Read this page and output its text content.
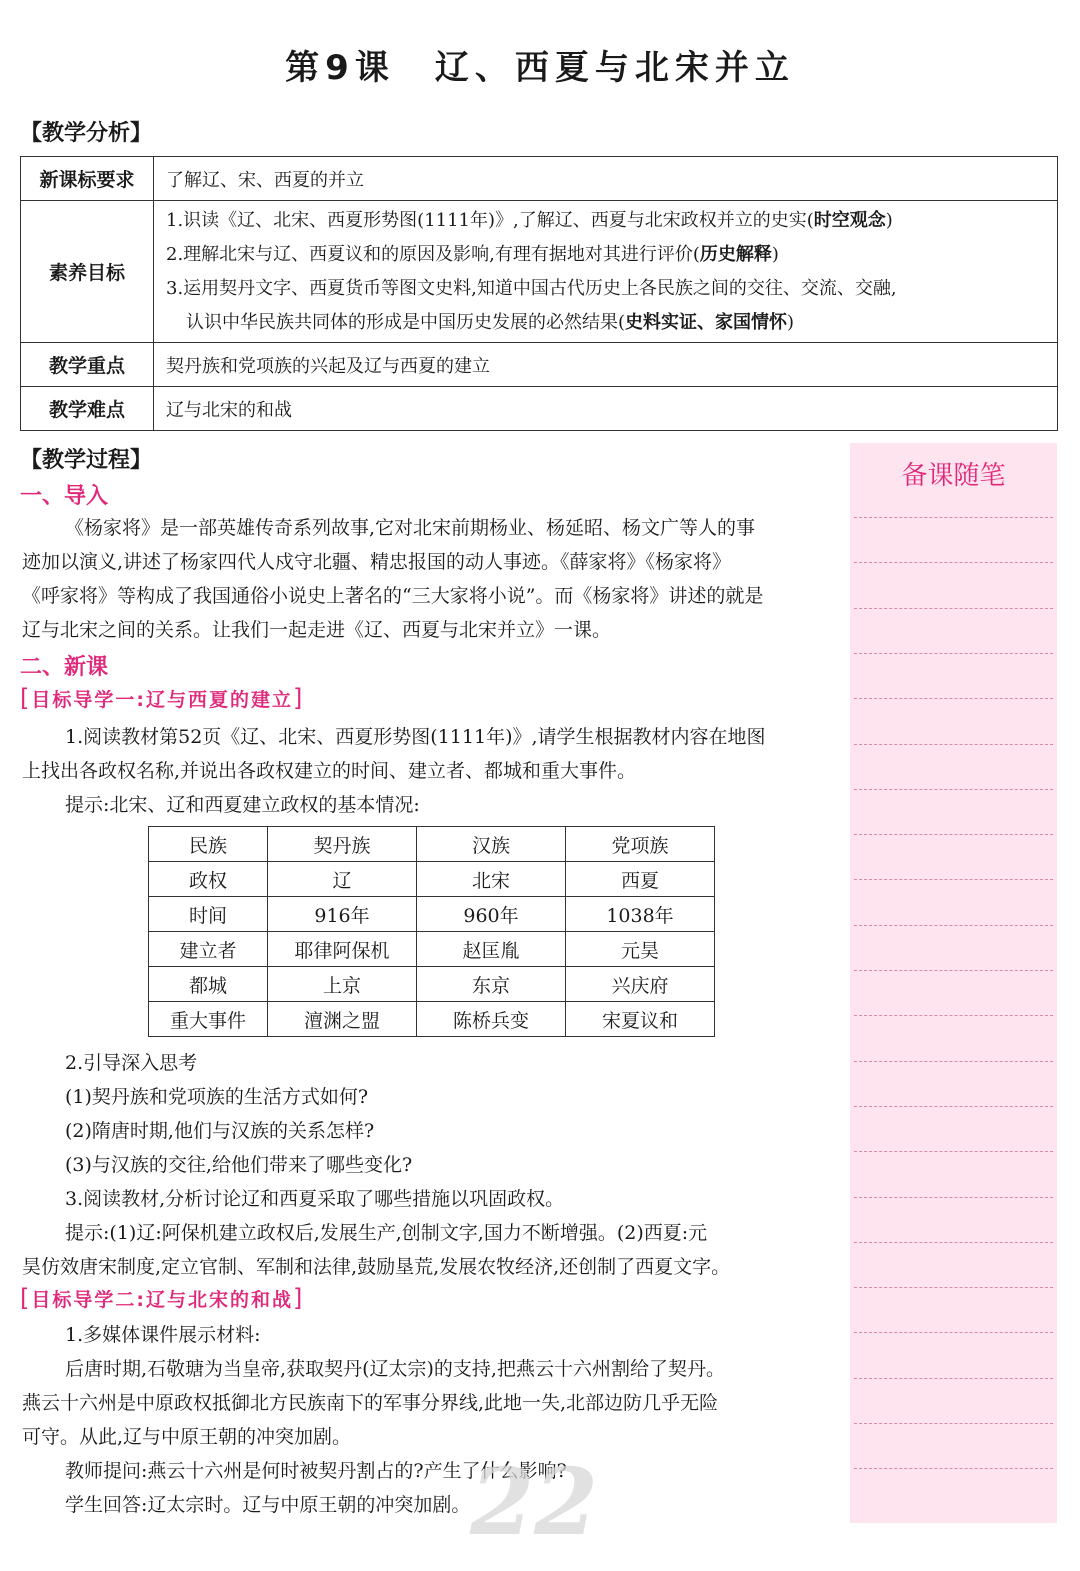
第9课 辽、西夏与北宋并立
【教学分析】
新课标要求	了解辽、宋、西夏的并立
素养目标	1.识读《辽、北宋、西夏形势图(1111年)》,了解辽、西夏与北宋政权并立的史实(时空观念)
2.理解北宋与辽、西夏议和的原因及影响,有理有据地对其进行评价(历史解释)
3.运用契丹文字、西夏货币等图文史料,知道中国古代历史上各民族之间的交往、交流、交融,
认识中华民族共同体的形成是中国历史发展的必然结果(史料实证、家国情怀)

教学重点	契丹族和党项族的兴起及辽与西夏的建立
教学难点	辽与北宋的和战
备课随笔
【教学过程】
一、导入

《杨家将》是一部英雄传奇系列故事,它对北宋前期杨业、杨延昭、杨文广等人的事

迹加以演义,讲述了杨家四代人戍守北疆、精忠报国的动人事迹。《薛家将》《杨家将》

《呼家将》等构成了我国通俗小说史上著名的“三大家将小说”。而《杨家将》讲述的就是

辽与北宋之间的关系。让我们一起走进《辽、西夏与北宋并立》一课。

二、新课
[目标导学一:辽与西夏的建立]

1.阅读教材第52页《辽、北宋、西夏形势图(1111年)》,请学生根据教材内容在地图

上找出各政权名称,并说出各政权建立的时间、建立者、都城和重大事件。

提示:北宋、辽和西夏建立政权的基本情况:

民族	契丹族	汉族	党项族
政权	辽	北宋	西夏
时间	916年	960年	1038年
建立者	耶律阿保机	赵匡胤	元昊
都城	上京	东京	兴庆府
重大事件	澶渊之盟	陈桥兵变	宋夏议和

2.引导深入思考

(1)契丹族和党项族的生活方式如何?

(2)隋唐时期,他们与汉族的关系怎样?

(3)与汉族的交往,给他们带来了哪些变化?

3.阅读教材,分析讨论辽和西夏采取了哪些措施以巩固政权。

提示:(1)辽:阿保机建立政权后,发展生产,创制文字,国力不断增强。(2)西夏:元

昊仿效唐宋制度,定立官制、军制和法律,鼓励垦荒,发展农牧经济,还创制了西夏文字。

[目标导学二:辽与北宋的和战]

1.多媒体课件展示材料:

后唐时期,石敬瑭为当皇帝,获取契丹(辽太宗)的支持,把燕云十六州割给了契丹。

燕云十六州是中原政权抵御北方民族南下的军事分界线,此地一失,北部边防几乎无险

可守。从此,辽与中原王朝的冲突加剧。

教师提问:燕云十六州是何时被契丹割占的?产生了什么影响?

学生回答:辽太宗时。辽与中原王朝的冲突加剧。 22
